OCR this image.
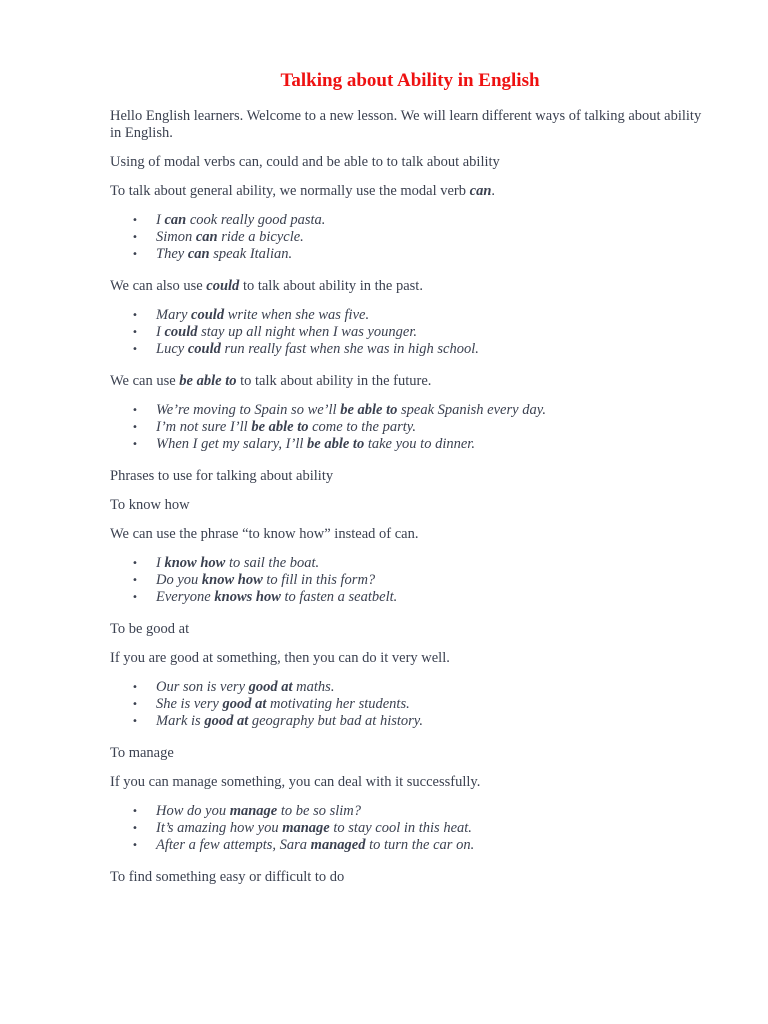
Talking about Ability in English

Hello English learners. Welcome to a new lesson. We will learn different ways of talking about ability in English.

Using of modal verbs can, could and be able to to talk about ability

To talk about general ability, we normally use the modal verb can.

• I can cook really good pasta.
• Simon can ride a bicycle.
• They can speak Italian.

We can also use could to talk about ability in the past.

• Mary could write when she was five.
• I could stay up all night when I was younger.
• Lucy could run really fast when she was in high school.

We can use be able to to talk about ability in the future.

• We’re moving to Spain so we’ll be able to speak Spanish every day.
• I’m not sure I’ll be able to come to the party.
• When I get my salary, I’ll be able to take you to dinner.

Phrases to use for talking about ability

To know how

We can use the phrase “to know how” instead of can.

• I know how to sail the boat.
• Do you know how to fill in this form?
• Everyone knows how to fasten a seatbelt.

To be good at

If you are good at something, then you can do it very well.

• Our son is very good at maths.
• She is very good at motivating her students.
• Mark is good at geography but bad at history.

To manage

If you can manage something, you can deal with it successfully.

• How do you manage to be so slim?
• It’s amazing how you manage to stay cool in this heat.
• After a few attempts, Sara managed to turn the car on.

To find something easy or difficult to do
